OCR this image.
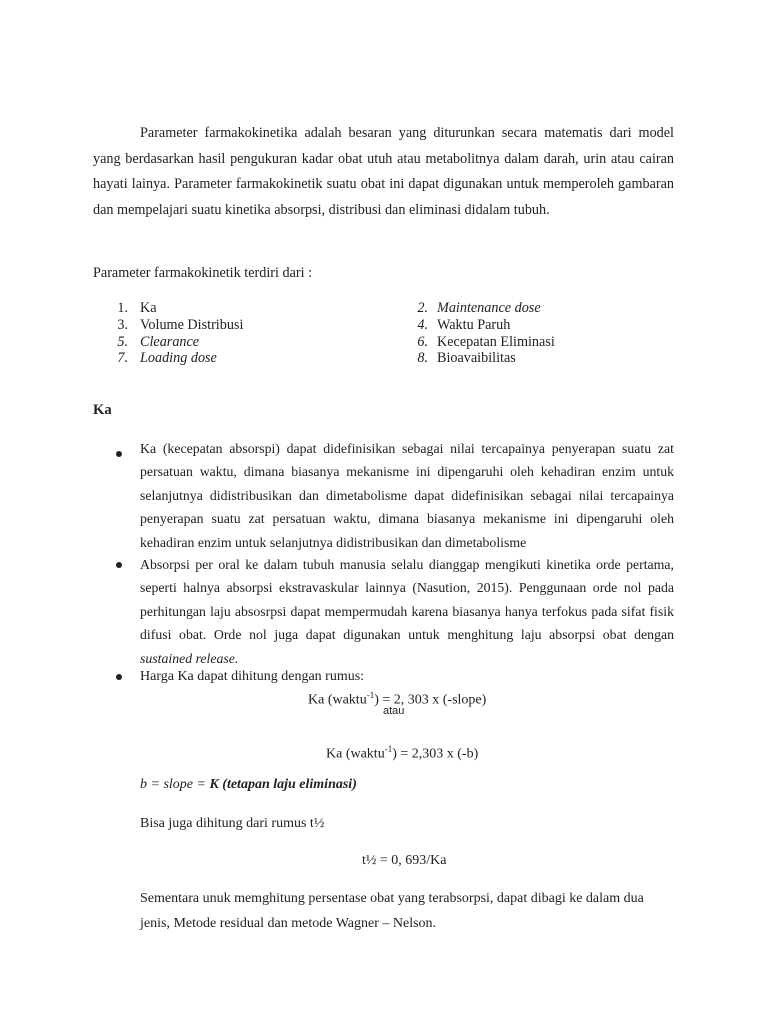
Parameter farmakokinetika adalah besaran yang diturunkan secara matematis dari model yang berdasarkan hasil pengukuran kadar obat utuh atau metabolitnya dalam darah, urin atau cairan hayati lainya. Parameter farmakokinetik suatu obat ini dapat digunakan untuk memperoleh gambaran dan mempelajari suatu kinetika absorpsi, distribusi dan eliminasi didalam tubuh.

Parameter farmakokinetik terdiri dari :

1. Ka	2. Maintenance dose
3. Volume Distribusi	4. Waktu Paruh
5. Clearance	6. Kecepatan Eliminasi
7. Loading dose	8. Bioavaibilitas

Ka

Ka (kecepatan absorspi) dapat didefinisikan sebagai nilai tercapainya penyerapan suatu zat persatuan waktu, dimana biasanya mekanisme ini dipengaruhi oleh kehadiran enzim untuk selanjutnya didistribusikan dan dimetabolisme dapat didefinisikan sebagai nilai tercapainya penyerapan suatu zat persatuan waktu, dimana biasanya mekanisme ini dipengaruhi oleh kehadiran enzim untuk selanjutnya didistribusikan dan dimetabolisme

Absorpsi per oral ke dalam tubuh manusia selalu dianggap mengikuti kinetika orde pertama, seperti halnya absorpsi ekstravaskular lainnya (Nasution, 2015). Penggunaan orde nol pada perhitungan laju absosrpsi dapat mempermudah karena biasanya hanya terfokus pada sifat fisik difusi obat. Orde nol juga dapat digunakan untuk menghitung laju absorpsi obat dengan sustained release.

Harga Ka dapat dihitung dengan rumus:

Ka (waktu$^{-1}$) = 2, 303 x (-slope)

atau

Ka (waktu$^{-1}$) = 2,303 x (-b)

b = slope = K (tetapan laju eliminasi)

Bisa juga dihitung dari rumus t½

t½ = 0, 693/Ka

Sementara unuk memghitung persentase obat yang terabsorpsi, dapat dibagi ke dalam dua jenis, Metode residual dan metode Wagner – Nelson.
